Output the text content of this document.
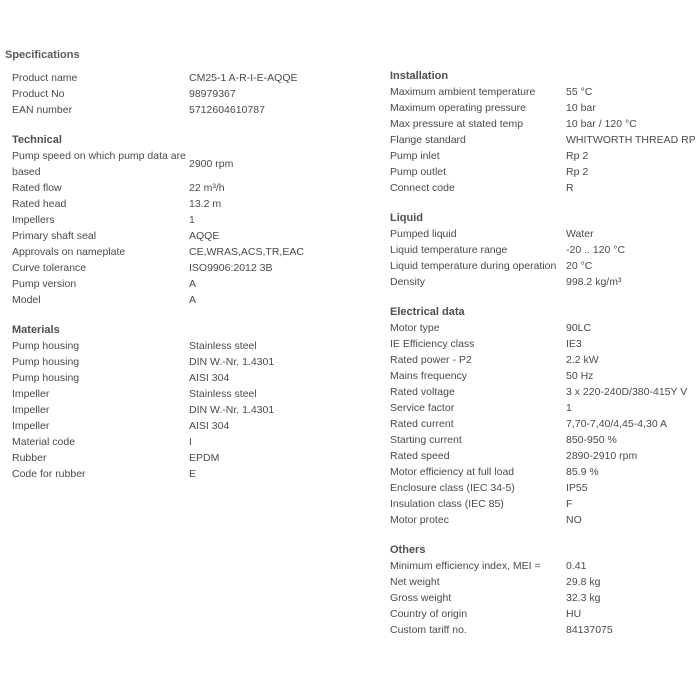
Specifications
Product name	CM25-1 A-R-I-E-AQQE
Product No	98979367
EAN number	5712604610787
Technical
Pump speed on which pump data are based
2900 rpm
Rated flow	22 m³/h
Rated head	13.2 m
Impellers	1
Primary shaft seal	AQQE
Approvals on nameplate	CE,WRAS,ACS,TR,EAC
Curve tolerance	ISO9906:2012 3B
Pump version	A
Model	A
Materials
Pump housing	Stainless steel
Pump housing	DIN W.-Nr. 1.4301
Pump housing	AISI 304
Impeller	Stainless steel
Impeller	DIN W.-Nr. 1.4301
Impeller	AISI 304
Material code	I
Rubber	EPDM
Code for rubber	E
Installation
Maximum ambient temperature	55 °C
Maximum operating pressure	10 bar
Max pressure at stated temp	10 bar / 120 °C
Flange standard	WHITWORTH THREAD RP
Pump inlet	Rp 2
Pump outlet	Rp 2
Connect code	R
Liquid
Pumped liquid	Water
Liquid temperature range	-20 .. 120 °C
Liquid temperature during operation 20 °C
Density	998.2 kg/m³
Electrical data
Motor type	90LC
IE Efficiency class	IE3
Rated power - P2	2.2 kW
Mains frequency	50 Hz
Rated voltage	3 x 220-240D/380-415Y V
Service factor	1
Rated current	7,70-7,40/4,45-4,30 A
Starting current	850-950 %
Rated speed	2890-2910 rpm
Motor efficiency at full load	85.9 %
Enclosure class (IEC 34-5)	IP55
Insulation class (IEC 85)	F
Motor protec	NO
Others
Minimum efficiency index, MEI =	0.41
Net weight	29.8 kg
Gross weight	32.3 kg
Country of origin	HU
Custom tariff no.	84137075
